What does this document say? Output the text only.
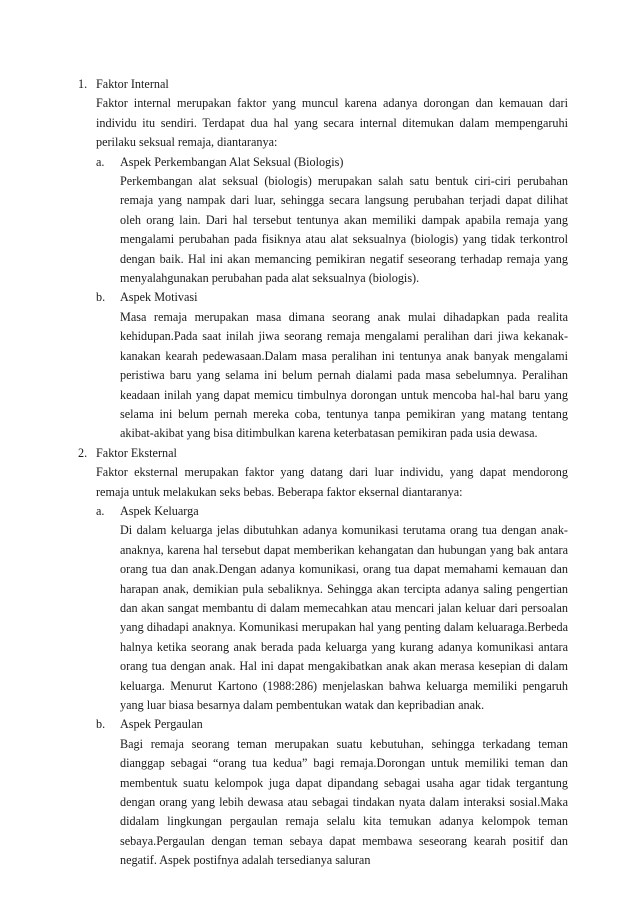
1. Faktor Internal
Faktor internal merupakan faktor yang muncul karena adanya dorongan dan kemauan dari individu itu sendiri. Terdapat dua hal yang secara internal ditemukan dalam mempengaruhi perilaku seksual remaja, diantaranya:
a. Aspek Perkembangan Alat Seksual (Biologis)
Perkembangan alat seksual (biologis) merupakan salah satu bentuk ciri-ciri perubahan remaja yang nampak dari luar, sehingga secara langsung perubahan terjadi dapat dilihat oleh orang lain. Dari hal tersebut tentunya akan memiliki dampak apabila remaja yang mengalami perubahan pada fisiknya atau alat seksualnya (biologis) yang tidak terkontrol dengan baik. Hal ini akan memancing pemikiran negatif seseorang terhadap remaja yang menyalahgunakan perubahan pada alat seksualnya (biologis).
b. Aspek Motivasi
Masa remaja merupakan masa dimana seorang anak mulai dihadapkan pada realita kehidupan.Pada saat inilah jiwa seorang remaja mengalami peralihan dari jiwa kekanak-kanakan kearah pedewasaan.Dalam masa peralihan ini tentunya anak banyak mengalami peristiwa baru yang selama ini belum pernah dialami pada masa sebelumnya. Peralihan keadaan inilah yang dapat memicu timbulnya dorongan untuk mencoba hal-hal baru yang selama ini belum pernah mereka coba, tentunya tanpa pemikiran yang matang tentang akibat-akibat yang bisa ditimbulkan karena keterbatasan pemikiran pada usia dewasa.
2. Faktor Eksternal
Faktor eksternal merupakan faktor yang datang dari luar individu, yang dapat mendorong remaja untuk melakukan seks bebas. Beberapa faktor eksernal diantaranya:
a. Aspek Keluarga
Di dalam keluarga jelas dibutuhkan adanya komunikasi terutama orang tua dengan anak-anaknya, karena hal tersebut dapat memberikan kehangatan dan hubungan yang bak antara orang tua dan anak.Dengan adanya komunikasi, orang tua dapat memahami kemauan dan harapan anak, demikian pula sebaliknya. Sehingga akan tercipta adanya saling pengertian dan akan sangat membantu di dalam memecahkan atau mencari jalan keluar dari persoalan yang dihadapi anaknya. Komunikasi merupakan hal yang penting dalam keluaraga.Berbeda halnya ketika seorang anak berada pada keluarga yang kurang adanya komunikasi antara orang tua dengan anak. Hal ini dapat mengakibatkan anak akan merasa kesepian di dalam keluarga. Menurut Kartono (1988:286) menjelaskan bahwa keluarga memiliki pengaruh yang luar biasa besarnya dalam pembentukan watak dan kepribadian anak.
b. Aspek Pergaulan
Bagi remaja seorang teman merupakan suatu kebutuhan, sehingga terkadang teman dianggap sebagai “orang tua kedua” bagi remaja.Dorongan untuk memiliki teman dan membentuk suatu kelompok juga dapat dipandang sebagai usaha agar tidak tergantung dengan orang yang lebih dewasa atau sebagai tindakan nyata dalam interaksi sosial.Maka didalam lingkungan pergaulan remaja selalu kita temukan adanya kelompok teman sebaya.Pergaulan dengan teman sebaya dapat membawa seseorang kearah positif dan negatif. Aspek postifnya adalah tersedianya saluran
